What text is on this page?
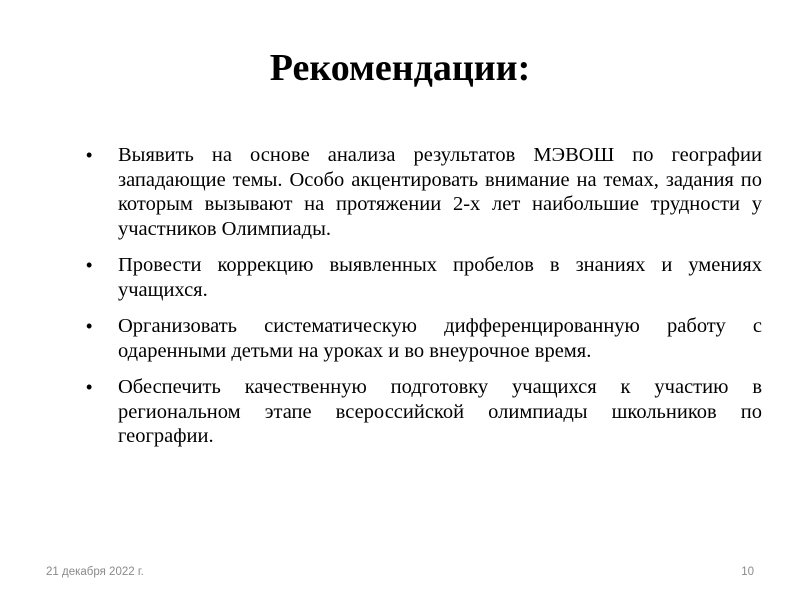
Рекомендации:
•	Выявить на основе анализа результатов МЭВОШ по географии западающие темы. Особо акцентировать внимание на темах, задания по которым вызывают на протяжении 2-х лет наибольшие трудности у участников Олимпиады.
•	Провести коррекцию выявленных пробелов в знаниях и умениях учащихся.
•	Организовать систематическую дифференцированную работу с одаренными детьми на уроках и во внеурочное время.
•	Обеспечить качественную подготовку учащихся к участию в региональном этапе всероссийской олимпиады школьников по географии.
21 декабря 2022 г.	10
